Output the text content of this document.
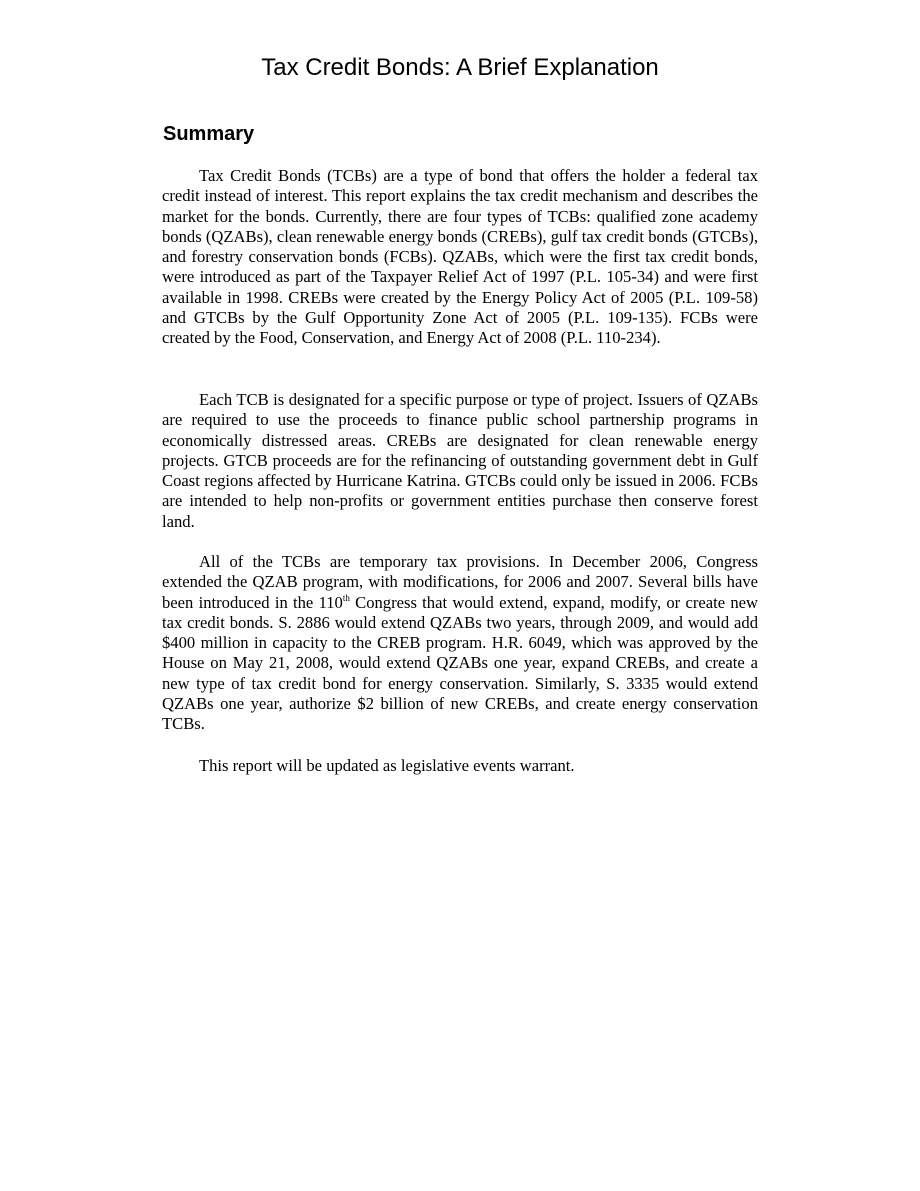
Tax Credit Bonds: A Brief Explanation
Summary

Tax Credit Bonds (TCBs) are a type of bond that offers the holder a federal tax credit instead of interest. This report explains the tax credit mechanism and describes the market for the bonds. Currently, there are four types of TCBs: qualified zone academy bonds (QZABs), clean renewable energy bonds (CREBs), gulf tax credit bonds (GTCBs), and forestry conservation bonds (FCBs). QZABs, which were the first tax credit bonds, were introduced as part of the Taxpayer Relief Act of 1997 (P.L. 105-34) and were first available in 1998. CREBs were created by the Energy Policy Act of 2005 (P.L. 109-58) and GTCBs by the Gulf Opportunity Zone Act of 2005 (P.L. 109-135). FCBs were created by the Food, Conservation, and Energy Act of 2008 (P.L. 110-234).

Each TCB is designated for a specific purpose or type of project. Issuers of QZABs are required to use the proceeds to finance public school partnership programs in economically distressed areas. CREBs are designated for clean renewable energy projects. GTCB proceeds are for the refinancing of outstanding government debt in Gulf Coast regions affected by Hurricane Katrina. GTCBs could only be issued in 2006. FCBs are intended to help non-profits or government entities purchase then conserve forest land.

All of the TCBs are temporary tax provisions. In December 2006, Congress extended the QZAB program, with modifications, for 2006 and 2007. Several bills have been introduced in the 110th Congress that would extend, expand, modify, or create new tax credit bonds. S. 2886 would extend QZABs two years, through 2009, and would add $400 million in capacity to the CREB program. H.R. 6049, which was approved by the House on May 21, 2008, would extend QZABs one year, expand CREBs, and create a new type of tax credit bond for energy conservation. Similarly, S. 3335 would extend QZABs one year, authorize $2 billion of new CREBs, and create energy conservation TCBs.

This report will be updated as legislative events warrant.
